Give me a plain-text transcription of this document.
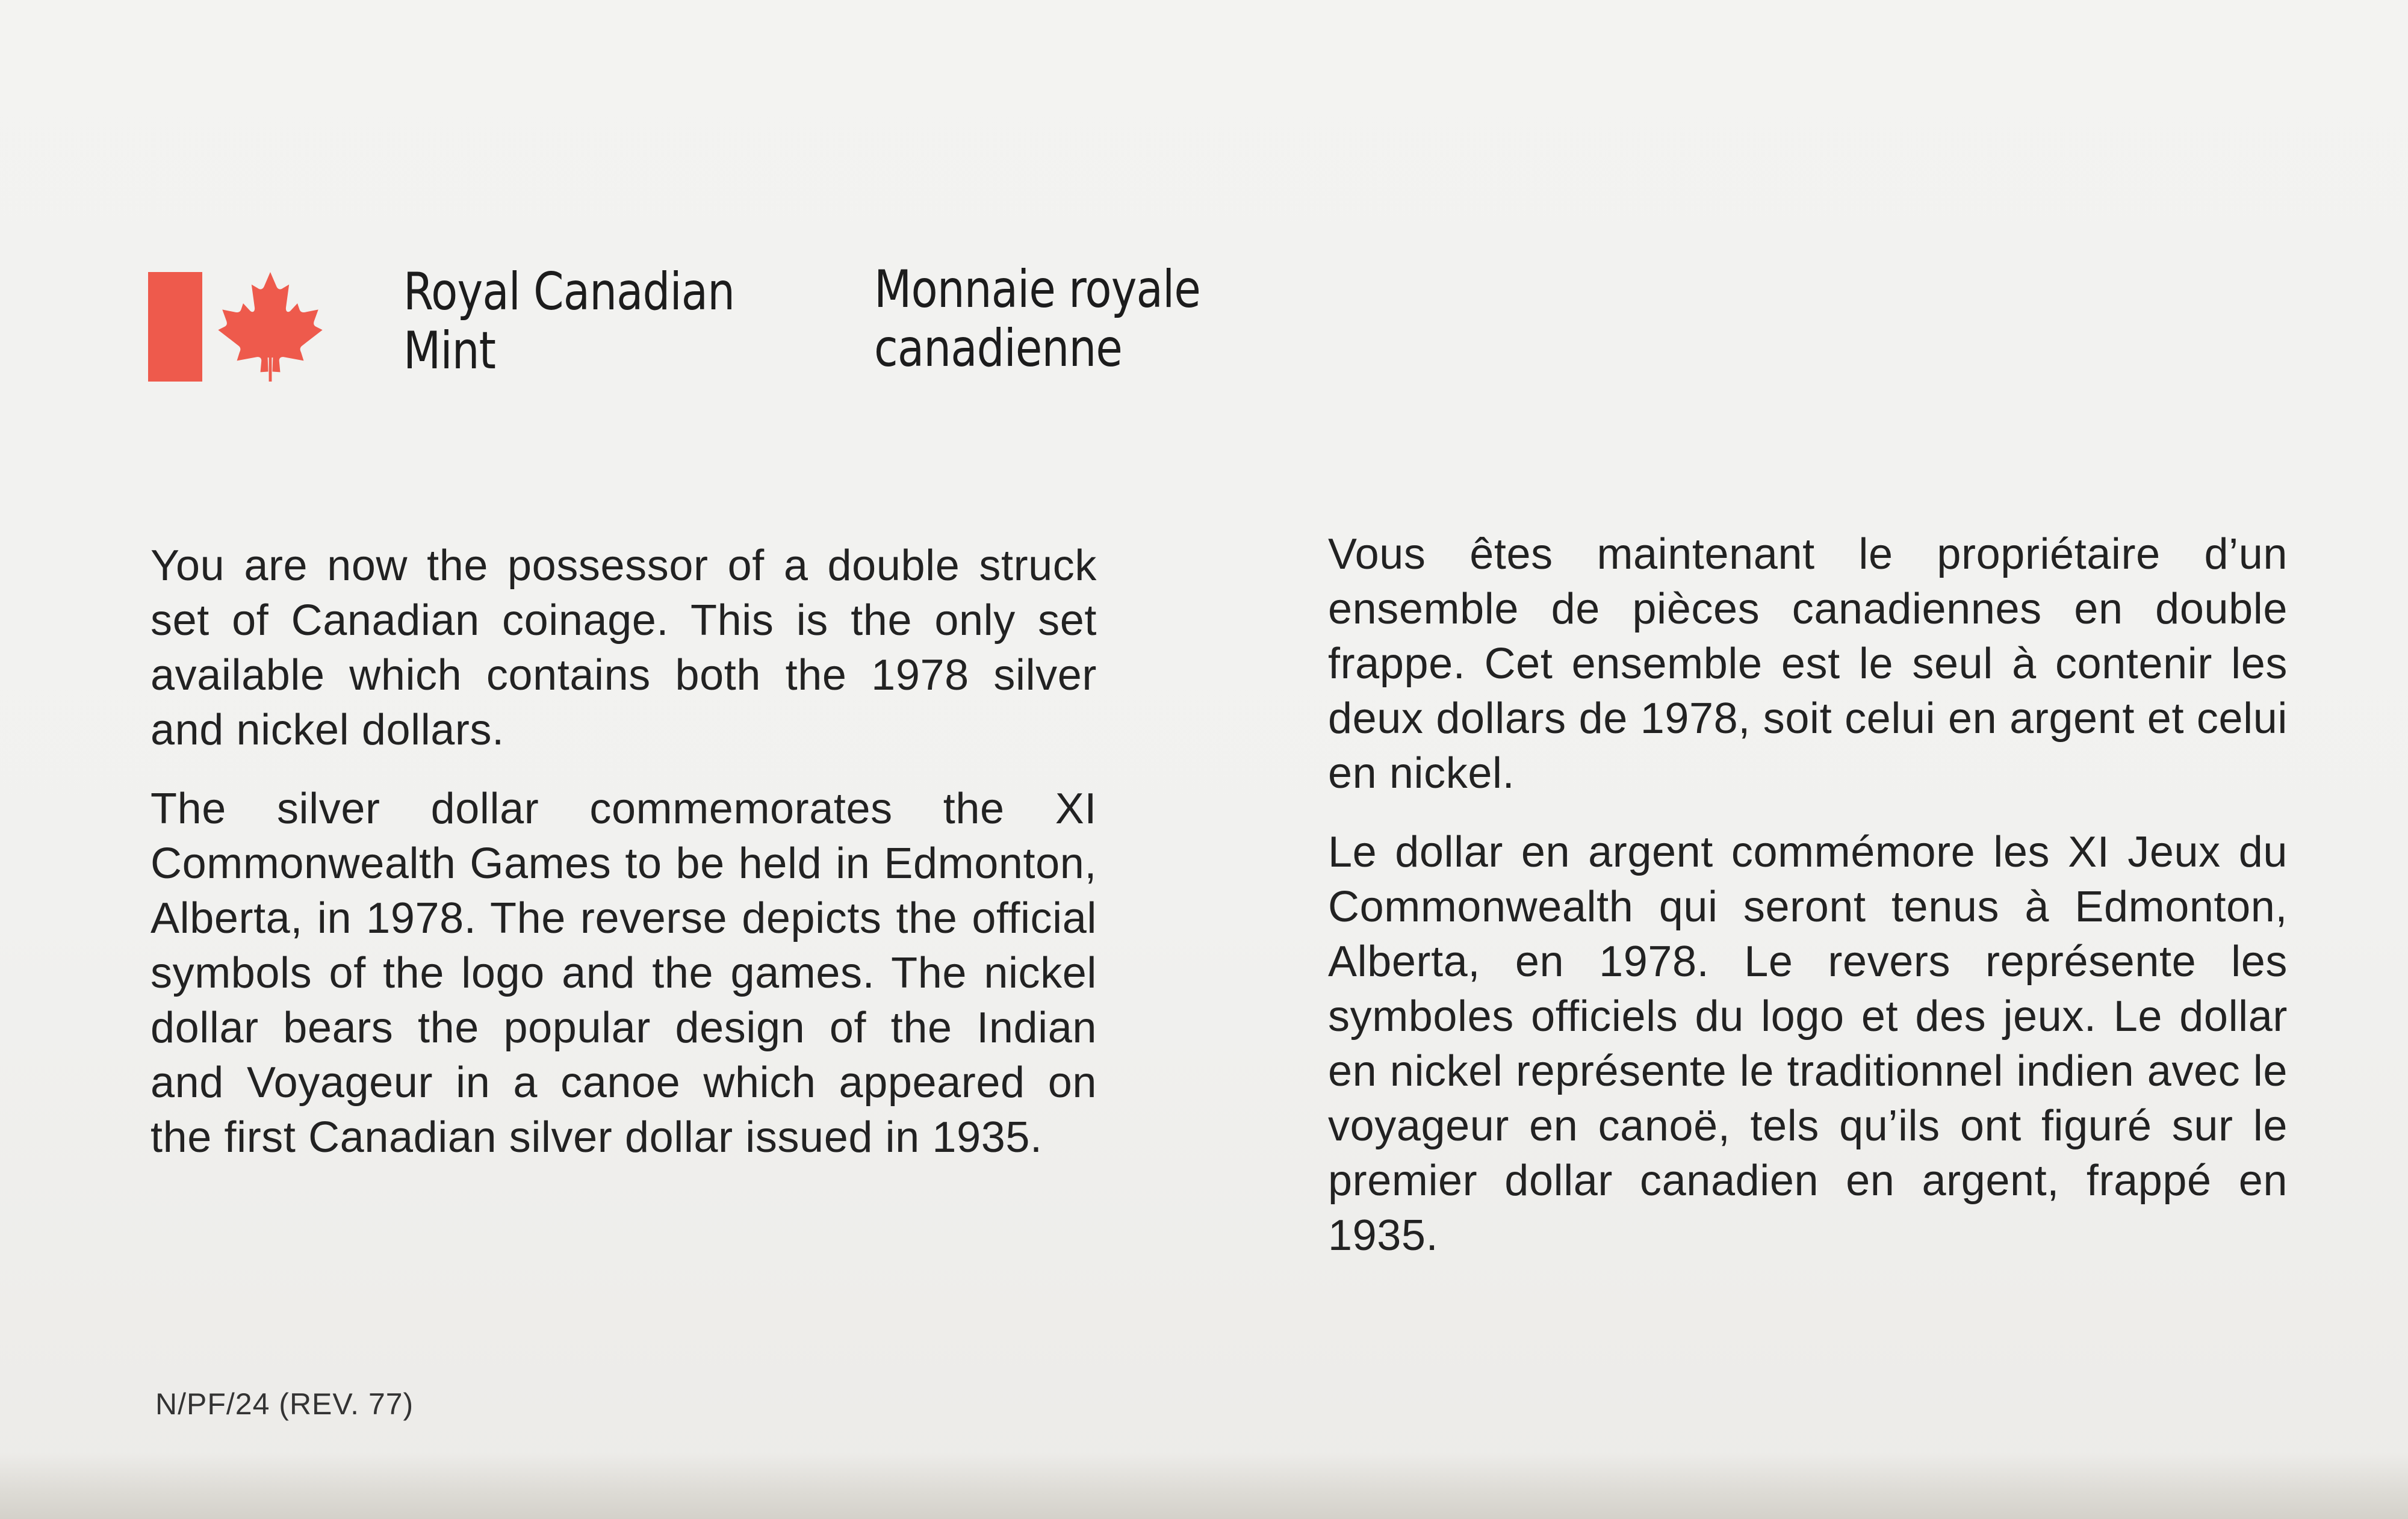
Royal Canadian
Mint
Monnaie royale
canadienne

You are now the possessor of a double struck set of Canadian coinage. This is the only set available which contains both the 1978 silver and nickel dollars.

The silver dollar commemorates the XI Commonwealth Games to be held in Edmonton, Alberta, in 1978. The reverse depicts the official symbols of the logo and the games. The nickel dollar bears the popular design of the Indian and Voyageur in a canoe which appeared on the first Canadian silver dollar issued in 1935.

Vous êtes maintenant le propriétaire d’un ensemble de pièces canadiennes en double frappe. Cet ensemble est le seul à contenir les deux dollars de 1978, soit celui en argent et celui en nickel.

Le dollar en argent commémore les XI Jeux du Commonwealth qui seront tenus à Edmonton, Alberta, en 1978. Le revers représente les symboles officiels du logo et des jeux. Le dollar en nickel représente le traditionnel indien avec le voyageur en canoë, tels qu’ils ont figuré sur le premier dollar canadien en argent, frappé en 1935.

N/PF/24 (REV. 77)
